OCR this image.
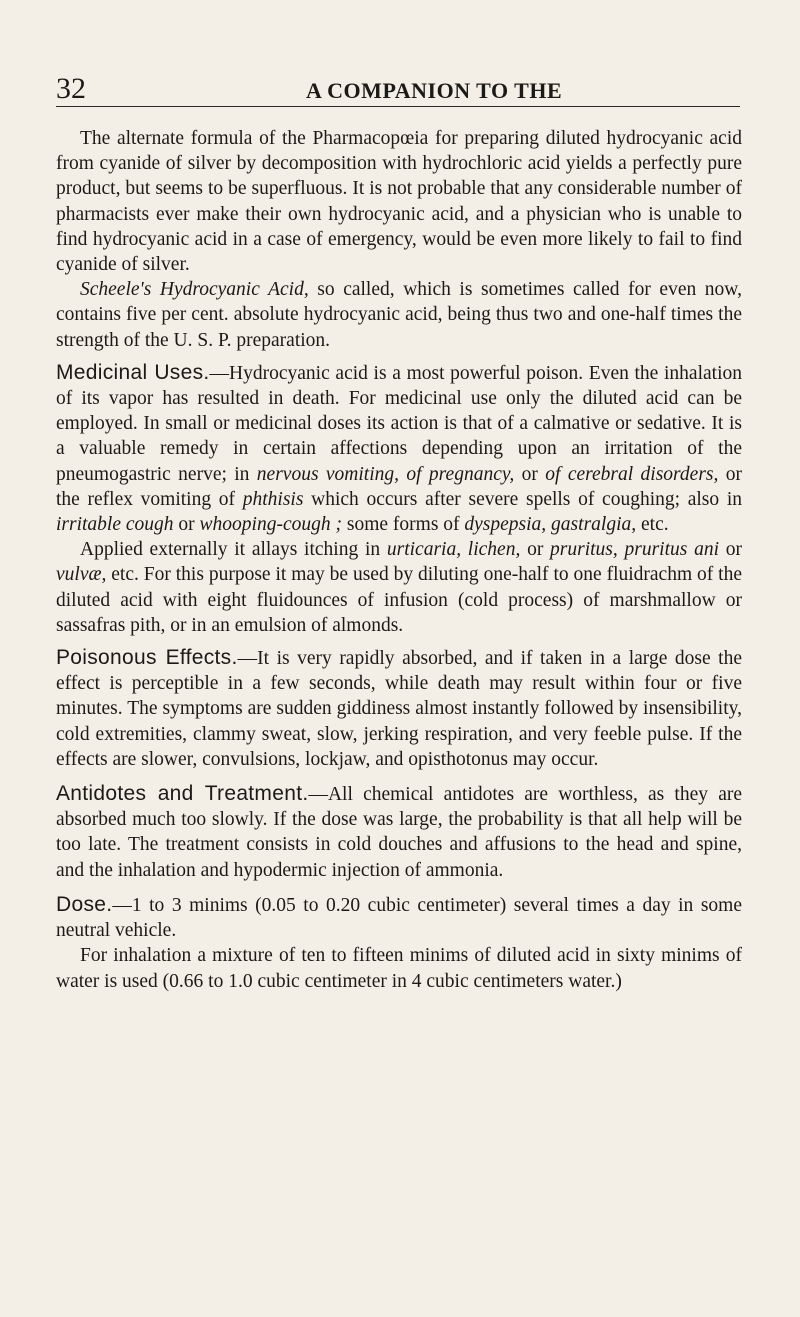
32	A COMPANION TO THE

The alternate formula of the Pharmacopœia for preparing diluted hydrocyanic acid from cyanide of silver by decomposition with hydrochloric acid yields a perfectly pure product, but seems to be superfluous. It is not probable that any considerable number of pharmacists ever make their own hydrocyanic acid, and a physician who is unable to find hydrocyanic acid in a case of emergency, would be even more likely to fail to find cyanide of silver.

Scheele's Hydrocyanic Acid, so called, which is sometimes called for even now, contains five per cent. absolute hydrocyanic acid, being thus two and one-half times the strength of the U. S. P. preparation.

Medicinal Uses.—Hydrocyanic acid is a most powerful poison. Even the inhalation of its vapor has resulted in death. For medicinal use only the diluted acid can be employed. In small or medicinal doses its action is that of a calmative or sedative. It is a valuable remedy in certain affections depending upon an irritation of the pneumogastric nerve; in nervous vomiting, of pregnancy, or of cerebral disorders, or the reflex vomiting of phthisis which occurs after severe spells of coughing; also in irritable cough or whooping-cough ; some forms of dyspepsia, gastralgia, etc.

Applied externally it allays itching in urticaria, lichen, or pruritus, pruritus ani or vulvæ, etc. For this purpose it may be used by diluting one-half to one fluidrachm of the diluted acid with eight fluidounces of infusion (cold process) of marshmallow or sassafras pith, or in an emulsion of almonds.

Poisonous Effects.—It is very rapidly absorbed, and if taken in a large dose the effect is perceptible in a few seconds, while death may result within four or five minutes. The symptoms are sudden giddiness almost instantly followed by insensibility, cold extremities, clammy sweat, slow, jerking respiration, and very feeble pulse. If the effects are slower, convulsions, lockjaw, and opisthotonus may occur.

Antidotes and Treatment.—All chemical antidotes are worthless, as they are absorbed much too slowly. If the dose was large, the probability is that all help will be too late. The treatment consists in cold douches and affusions to the head and spine, and the inhalation and hypodermic injection of ammonia.

Dose.—1 to 3 minims (0.05 to 0.20 cubic centimeter) several times a day in some neutral vehicle.

For inhalation a mixture of ten to fifteen minims of diluted acid in sixty minims of water is used (0.66 to 1.0 cubic centimeter in 4 cubic centimeters water.)
